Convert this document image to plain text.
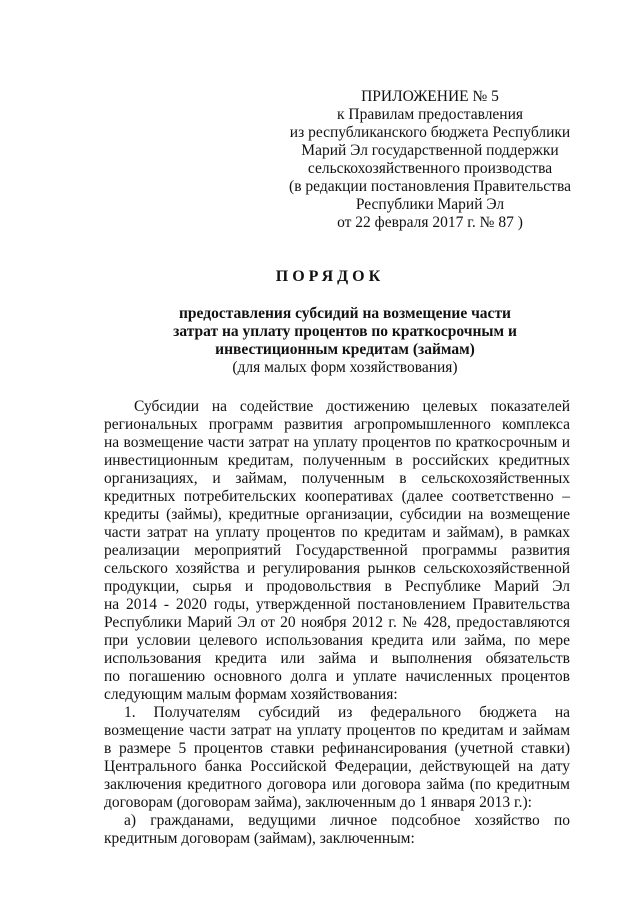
ПРИЛОЖЕНИЕ № 5
к Правилам предоставления
из республиканского бюджета Республики
Марий Эл государственной поддержки
сельскохозяйственного производства
(в редакции постановления Правительства
Республики Марий Эл
от 22 февраля 2017 г. № 87 )
ПОРЯДОК
предоставления субсидий на возмещение части
затрат на уплату процентов по краткосрочным и
инвестиционным кредитам (займам)
(для малых форм хозяйствования)
Субсидии на содействие достижению целевых показателей
региональных программ развития агропромышленного комплекса
на возмещение части затрат на уплату процентов по краткосрочным и
инвестиционным кредитам, полученным в российских кредитных
организациях, и займам, полученным в сельскохозяйственных
кредитных потребительских кооперативах (далее соответственно –
кредиты (займы), кредитные организации, субсидии на возмещение
части затрат на уплату процентов по кредитам и займам), в рамках
реализации мероприятий Государственной программы развития
сельского хозяйства и регулирования рынков сельскохозяйственной
продукции, сырья и продовольствия в Республике Марий Эл
на 2014 - 2020 годы, утвержденной постановлением Правительства
Республики Марий Эл от 20 ноября 2012 г. № 428, предоставляются
при условии целевого использования кредита или займа, по мере
использования кредита или займа и выполнения обязательств
по погашению основного долга и уплате начисленных процентов
следующим малым формам хозяйствования:
1. Получателям субсидий из федерального бюджета на
возмещение части затрат на уплату процентов по кредитам и займам
в размере 5 процентов ставки рефинансирования (учетной ставки)
Центрального банка Российской Федерации, действующей на дату
заключения кредитного договора или договора займа (по кредитным
договорам (договорам займа), заключенным до 1 января 2013 г.):
а) гражданами, ведущими личное подсобное хозяйство по
кредитным договорам (займам), заключенным:
